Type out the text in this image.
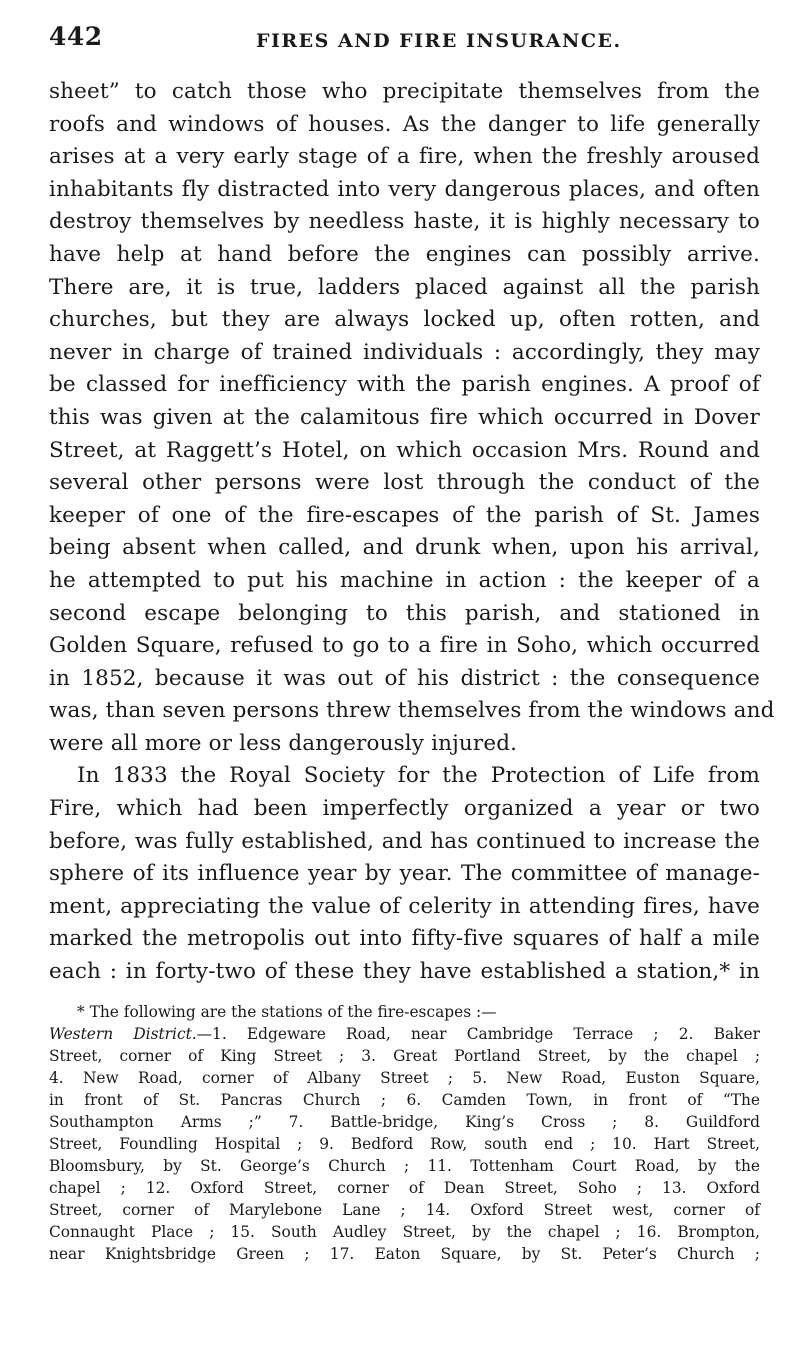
442	FIRES AND FIRE INSURANCE.
sheet” to catch those who precipitate themselves from the
roofs and windows of houses. As the danger to life generally
arises at a very early stage of a fire, when the freshly aroused
inhabitants fly distracted into very dangerous places, and often
destroy themselves by needless haste, it is highly necessary to
have help at hand before the engines can possibly arrive.
There are, it is true, ladders placed against all the parish
churches, but they are always locked up, often rotten, and
never in charge of trained individuals : accordingly, they may
be classed for inefficiency with the parish engines. A proof of
this was given at the calamitous fire which occurred in Dover
Street, at Raggett’s Hotel, on which occasion Mrs. Round and
several other persons were lost through the conduct of the
keeper of one of the fire-escapes of the parish of St. James
being absent when called, and drunk when, upon his arrival,
he attempted to put his machine in action : the keeper of a
second escape belonging to this parish, and stationed in
Golden Square, refused to go to a fire in Soho, which occurred
in 1852, because it was out of his district : the consequence
was, than seven persons threw themselves from the windows and
were all more or less dangerously injured.
In 1833 the Royal Society for the Protection of Life from
Fire, which had been imperfectly organized a year or two
before, was fully established, and has continued to increase the
sphere of its influence year by year. The committee of manage-
ment, appreciating the value of celerity in attending fires, have
marked the metropolis out into fifty-five squares of half a mile
each : in forty-two of these they have established a station,* in
* The following are the stations of the fire-escapes :—
Western District.—1. Edgeware Road, near Cambridge Terrace ; 2. Baker
Street, corner of King Street ; 3. Great Portland Street, by the chapel ;
4. New Road, corner of Albany Street ; 5. New Road, Euston Square,
in front of St. Pancras Church ; 6. Camden Town, in front of “The
Southampton Arms ;” 7. Battle-bridge, King’s Cross ; 8. Guildford
Street, Foundling Hospital ; 9. Bedford Row, south end ; 10. Hart Street,
Bloomsbury, by St. George’s Church ; 11. Tottenham Court Road, by the
chapel ; 12. Oxford Street, corner of Dean Street, Soho ; 13. Oxford
Street, corner of Marylebone Lane ; 14. Oxford Street west, corner of
Connaught Place ; 15. South Audley Street, by the chapel ; 16. Brompton,
near Knightsbridge Green ; 17. Eaton Square, by St. Peter’s Church ;
